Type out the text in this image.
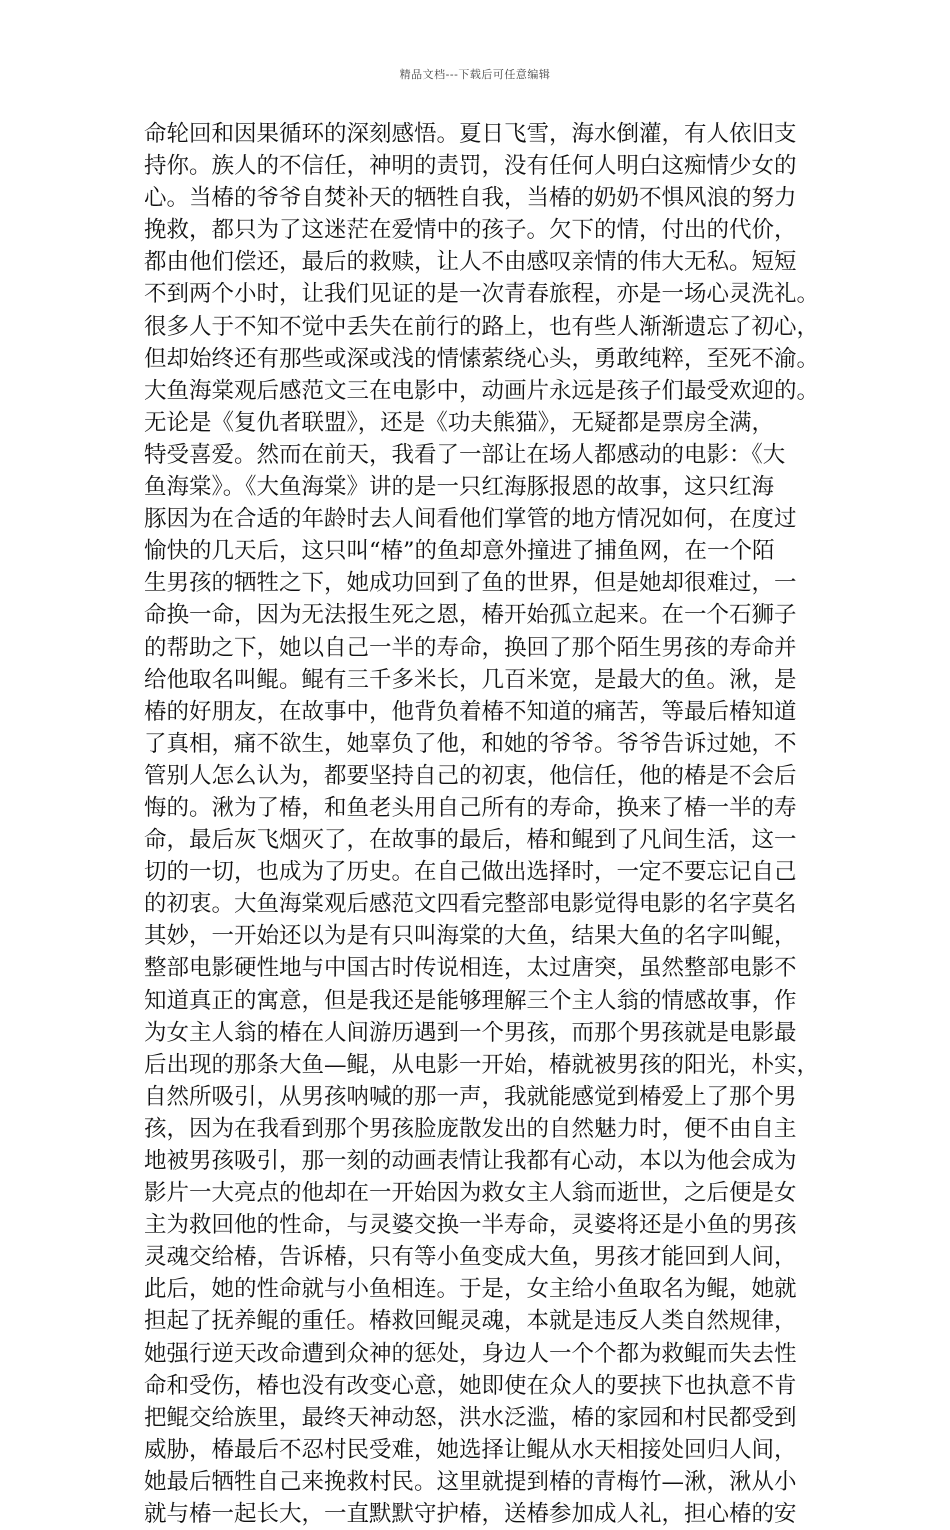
精品文档---下载后可任意编辑
命轮回和因果循环的深刻感悟。夏日飞雪，海水倒灌，有人依旧支
持你。族人的不信任，神明的责罚，没有任何人明白这痴情少女的
心。当椿的爷爷自焚补天的牺牲自我，当椿的奶奶不惧风浪的努力
挽救，都只为了这迷茫在爱情中的孩子。欠下的情，付出的代价，
都由他们偿还，最后的救赎，让人不由感叹亲情的伟大无私。短短
不到两个小时，让我们见证的是一次青春旅程，亦是一场心灵洗礼。
很多人于不知不觉中丢失在前行的路上，也有些人渐渐遗忘了初心，
但却始终还有那些或深或浅的情愫萦绕心头，勇敢纯粹，至死不渝。
大鱼海棠观后感范文三在电影中，动画片永远是孩子们最受欢迎的。
无论是《复仇者联盟》，还是《功夫熊猫》，无疑都是票房全满，
特受喜爱。然而在前天，我看了一部让在场人都感动的电影：《大
鱼海棠》。《大鱼海棠》讲的是一只红海豚报恩的故事，这只红海
豚因为在合适的年龄时去人间看他们掌管的地方情况如何，在度过
愉快的几天后，这只叫“椿”的鱼却意外撞进了捕鱼网，在一个陌
生男孩的牺牲之下，她成功回到了鱼的世界，但是她却很难过，一
命换一命，因为无法报生死之恩，椿开始孤立起来。在一个石狮子
的帮助之下，她以自己一半的寿命，换回了那个陌生男孩的寿命并
给他取名叫鲲。鲲有三千多米长，几百米宽，是最大的鱼。湫，是
椿的好朋友，在故事中，他背负着椿不知道的痛苦，等最后椿知道
了真相，痛不欲生，她辜负了他，和她的爷爷。爷爷告诉过她，不
管别人怎么认为，都要坚持自己的初衷，他信任，他的椿是不会后
悔的。湫为了椿，和鱼老头用自己所有的寿命，换来了椿一半的寿
命，最后灰飞烟灭了，在故事的最后，椿和鲲到了凡间生活，这一
切的一切，也成为了历史。在自己做出选择时，一定不要忘记自己
的初衷。大鱼海棠观后感范文四看完整部电影觉得电影的名字莫名
其妙，一开始还以为是有只叫海棠的大鱼，结果大鱼的名字叫鲲，
整部电影硬性地与中国古时传说相连，太过唐突，虽然整部电影不
知道真正的寓意，但是我还是能够理解三个主人翁的情感故事，作
为女主人翁的椿在人间游历遇到一个男孩，而那个男孩就是电影最
后出现的那条大鱼—鲲，从电影一开始，椿就被男孩的阳光，朴实，
自然所吸引，从男孩呐喊的那一声，我就能感觉到椿爱上了那个男
孩，因为在我看到那个男孩脸庞散发出的自然魅力时，便不由自主
地被男孩吸引，那一刻的动画表情让我都有心动，本以为他会成为
影片一大亮点的他却在一开始因为救女主人翁而逝世，之后便是女
主为救回他的性命，与灵婆交换一半寿命，灵婆将还是小鱼的男孩
灵魂交给椿，告诉椿，只有等小鱼变成大鱼，男孩才能回到人间，
此后，她的性命就与小鱼相连。于是，女主给小鱼取名为鲲，她就
担起了抚养鲲的重任。椿救回鲲灵魂，本就是违反人类自然规律，
她强行逆天改命遭到众神的惩处，身边人一个个都为救鲲而失去性
命和受伤，椿也没有改变心意，她即使在众人的要挟下也执意不肯
把鲲交给族里，最终天神动怒，洪水泛滥，椿的家园和村民都受到
威胁，椿最后不忍村民受难，她选择让鲲从水天相接处回归人间，
她最后牺牲自己来挽救村民。这里就提到椿的青梅竹—湫，湫从小
就与椿一起长大，一直默默守护椿，送椿参加成人礼，担心椿的安
